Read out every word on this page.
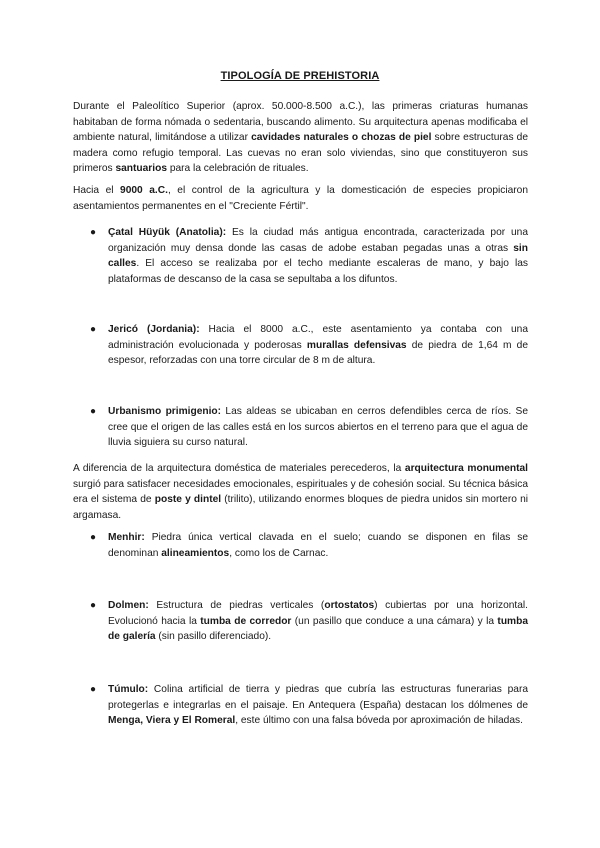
TIPOLOGÍA DE PREHISTORIA
Durante el Paleolítico Superior (aprox. 50.000-8.500 a.C.), las primeras criaturas humanas habitaban de forma nómada o sedentaria, buscando alimento. Su arquitectura apenas modificaba el ambiente natural, limitándose a utilizar cavidades naturales o chozas de piel sobre estructuras de madera como refugio temporal. Las cuevas no eran solo viviendas, sino que constituyeron sus primeros santuarios para la celebración de rituales.
Hacia el 9000 a.C., el control de la agricultura y la domesticación de especies propiciaron asentamientos permanentes en el "Creciente Fértil".
● Çatal Hüyük (Anatolia): Es la ciudad más antigua encontrada, caracterizada por una organización muy densa donde las casas de adobe estaban pegadas unas a otras sin calles. El acceso se realizaba por el techo mediante escaleras de mano, y bajo las plataformas de descanso de la casa se sepultaba a los difuntos.
● Jericó (Jordania): Hacia el 8000 a.C., este asentamiento ya contaba con una administración evolucionada y poderosas murallas defensivas de piedra de 1,64 m de espesor, reforzadas con una torre circular de 8 m de altura.
● Urbanismo primigenio: Las aldeas se ubicaban en cerros defendibles cerca de ríos. Se cree que el origen de las calles está en los surcos abiertos en el terreno para que el agua de lluvia siguiera su curso natural.
A diferencia de la arquitectura doméstica de materiales perecederos, la arquitectura monumental surgió para satisfacer necesidades emocionales, espirituales y de cohesión social. Su técnica básica era el sistema de poste y dintel (trilito), utilizando enormes bloques de piedra unidos sin mortero ni argamasa.
● Menhir: Piedra única vertical clavada en el suelo; cuando se disponen en filas se denominan alineamientos, como los de Carnac.
● Dolmen: Estructura de piedras verticales (ortostatos) cubiertas por una horizontal. Evolucionó hacia la tumba de corredor (un pasillo que conduce a una cámara) y la tumba de galería (sin pasillo diferenciado).
● Túmulo: Colina artificial de tierra y piedras que cubría las estructuras funerarias para protegerlas e integrarlas en el paisaje. En Antequera (España) destacan los dólmenes de Menga, Viera y El Romeral, este último con una falsa bóveda por aproximación de hiladas.
